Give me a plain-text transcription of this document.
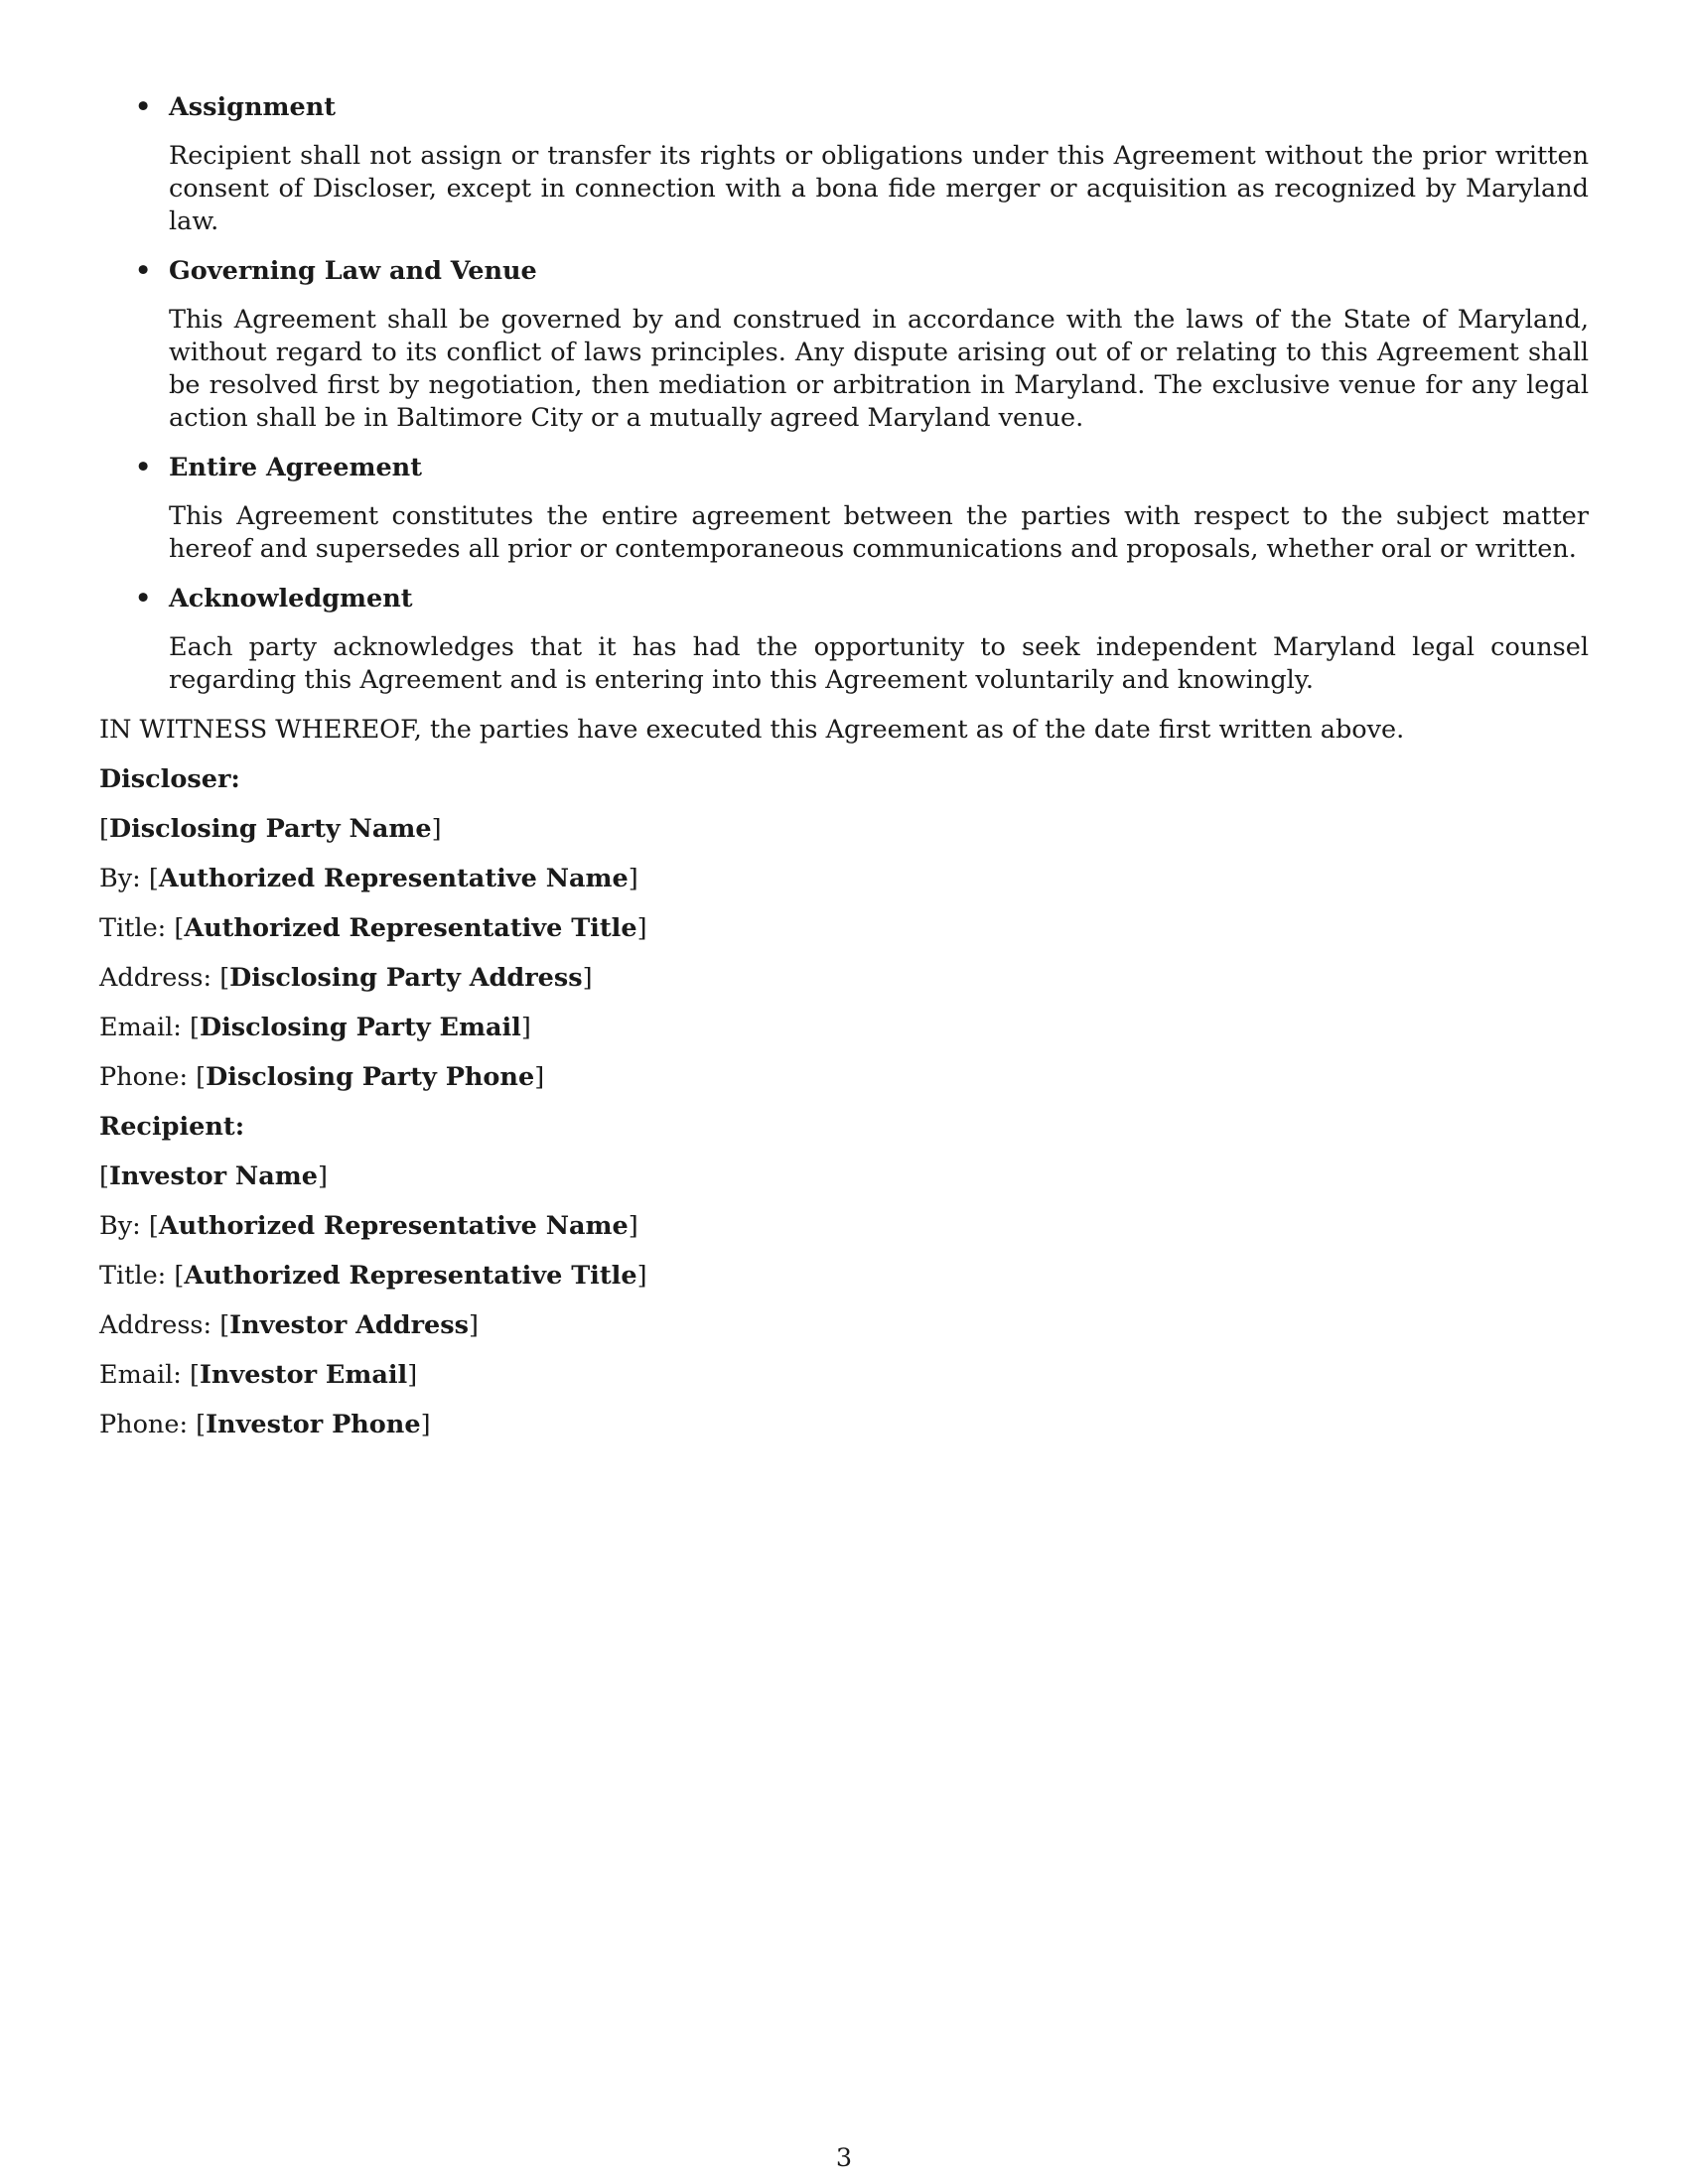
• Assignment

Recipient shall not assign or transfer its rights or obligations under this Agreement without the prior written consent of Discloser, except in connection with a bona fide merger or acquisition as recognized by Maryland law.

• Governing Law and Venue

This Agreement shall be governed by and construed in accordance with the laws of the State of Maryland, without regard to its conflict of laws principles. Any dispute arising out of or relating to this Agreement shall be resolved first by negotiation, then mediation or arbitration in Maryland. The exclusive venue for any legal action shall be in Baltimore City or a mutually agreed Maryland venue.

• Entire Agreement

This Agreement constitutes the entire agreement between the parties with respect to the subject matter hereof and supersedes all prior or contemporaneous communications and proposals, whether oral or written.

• Acknowledgment

Each party acknowledges that it has had the opportunity to seek independent Maryland legal counsel regarding this Agreement and is entering into this Agreement voluntarily and knowingly.

IN WITNESS WHEREOF, the parties have executed this Agreement as of the date first written above.

Discloser:

[Disclosing Party Name]

By: [Authorized Representative Name]

Title: [Authorized Representative Title]

Address: [Disclosing Party Address]

Email: [Disclosing Party Email]

Phone: [Disclosing Party Phone]

Recipient:

[Investor Name]

By: [Authorized Representative Name]

Title: [Authorized Representative Title]

Address: [Investor Address]

Email: [Investor Email]

Phone: [Investor Phone]

3
